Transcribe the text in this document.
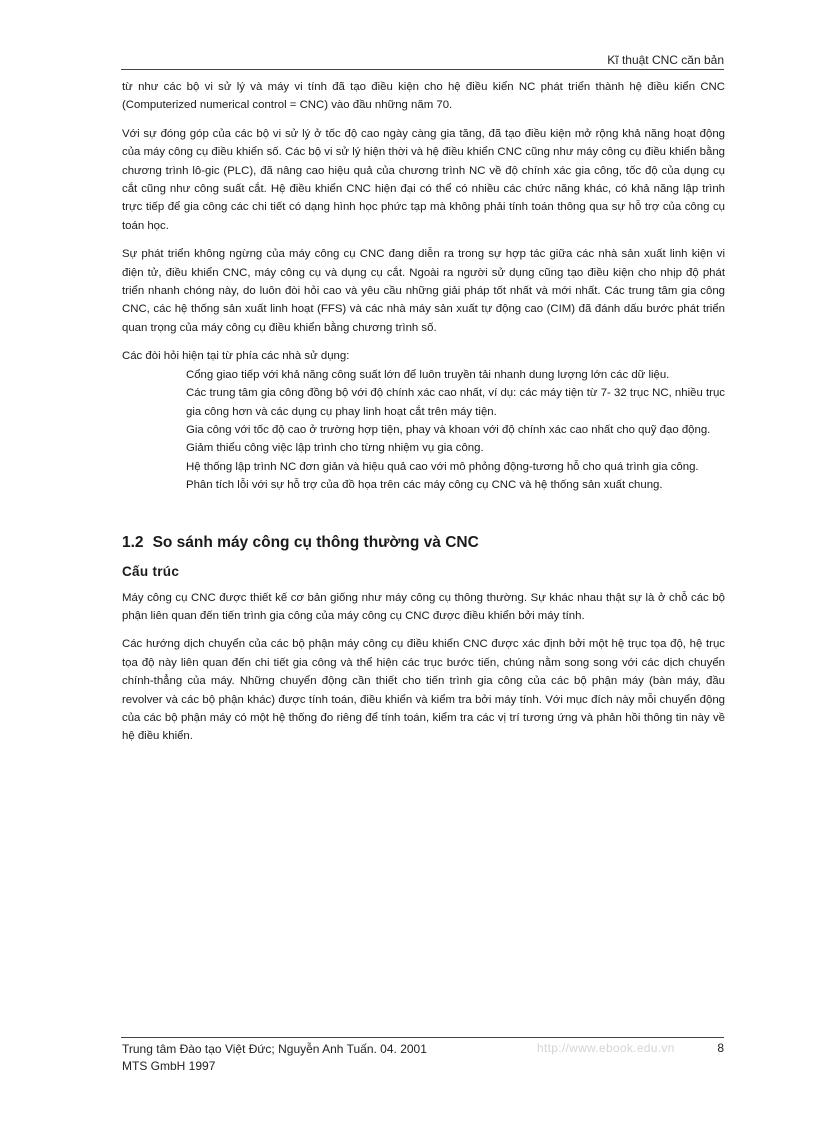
Kĩ thuật CNC căn bản

từ như các bộ vi sử lý và máy vi tính đã tạo điều kiện cho hệ điều kiển NC phát triển thành hệ điều kiển CNC (Computerized numerical control = CNC) vào đầu những năm 70.

Với sự đóng góp của các bộ vi sử lý ở tốc độ cao ngày càng gia tăng, đã tạo điều kiện mở rộng khả năng hoạt động của máy công cụ điều khiển số. Các bộ vi sử lý hiện thời và hệ điều khiển CNC cũng như máy công cụ điều khiển bằng chương trình lô-gic (PLC), đã nâng cao hiệu quả của chương trình NC về độ chính xác gia công, tốc độ của dụng cụ cắt cũng như công suất cắt. Hệ điều khiển CNC hiện đại có thể có nhiều các chức năng khác, có khả năng lập trình trực tiếp để gia công các chi tiết có dạng hình học phức tạp mà không phải tính toán thông qua sự hỗ trợ của công cụ toán học.

Sự phát triển không ngừng của máy công cụ CNC đang diễn ra trong sự hợp tác giữa các nhà sản xuất linh kiện vi điện tử, điều khiển CNC, máy công cụ và dụng cụ cắt. Ngoài ra người sử dụng cũng tạo điều kiện cho nhịp độ phát triển nhanh chóng này, do luôn đòi hỏi cao và yêu cầu những giải pháp tốt nhất và mới nhất. Các trung tâm gia công CNC, các hệ thống sản xuất linh hoạt (FFS) và các nhà máy sản xuất tự động cao (CIM) đã đánh dấu bước phát triển quan trọng của máy công cụ điều khiển bằng chương trình số.

Các đòi hỏi hiện tại từ phía các nhà sử dụng:

Cổng giao tiếp với khả năng công suất lớn để luôn truyền tải nhanh dung lượng lớn các dữ liệu.
Các trung tâm gia công đồng bộ với độ chính xác cao nhất, ví dụ: các máy tiện từ 7- 32 trục NC, nhiều trục gia công hơn và các dụng cụ phay linh hoạt cắt trên máy tiện.
Gia công với tốc độ cao ở trường hợp tiện, phay và khoan với độ chính xác cao nhất cho quỹ đạo động.
Giảm thiểu công việc lập trình cho từng nhiệm vụ gia công.
Hệ thống lập trình NC đơn giản và hiệu quả cao với mô phỏng động-tương hỗ cho quá trình gia công.
Phân tích lỗi với sự hỗ trợ của đồ họa trên các máy công cụ CNC và hệ thống sản xuất chung.
1.2 So sánh máy công cụ thông thường và CNC
Cấu trúc

Máy công cụ CNC được thiết kế cơ bản giống như máy công cụ thông thường. Sự khác nhau thật sự là ở chỗ các bộ phận liên quan đến tiến trình gia công của máy công cụ CNC được điều khiển bởi máy tính.

Các hướng dịch chuyển của các bộ phận máy công cụ điều khiển CNC được xác định bởi một hệ trục tọa độ, hệ trục tọa độ này liên quan đến chi tiết gia công và thể hiện các trục bước tiến, chúng nằm song song với các dịch chuyển chính-thẳng của máy. Những chuyển động cần thiết cho tiến trình gia công của các bộ phận máy (bàn máy, đầu revolver và các bộ phận khác) được tính toán, điều khiển và kiểm tra bởi máy tính. Với mục đích này mỗi chuyển động của các bộ phận máy có một hệ thống đo riêng để tính toán, kiểm tra các vị trí tương ứng và phản hồi thông tin này về hệ điều khiển.

Trung tâm Đào tạo Việt Đức; Nguyễn Anh Tuấn. 04. 2001
MTS GmbH 1997
http://www.ebook.edu.vn	8
